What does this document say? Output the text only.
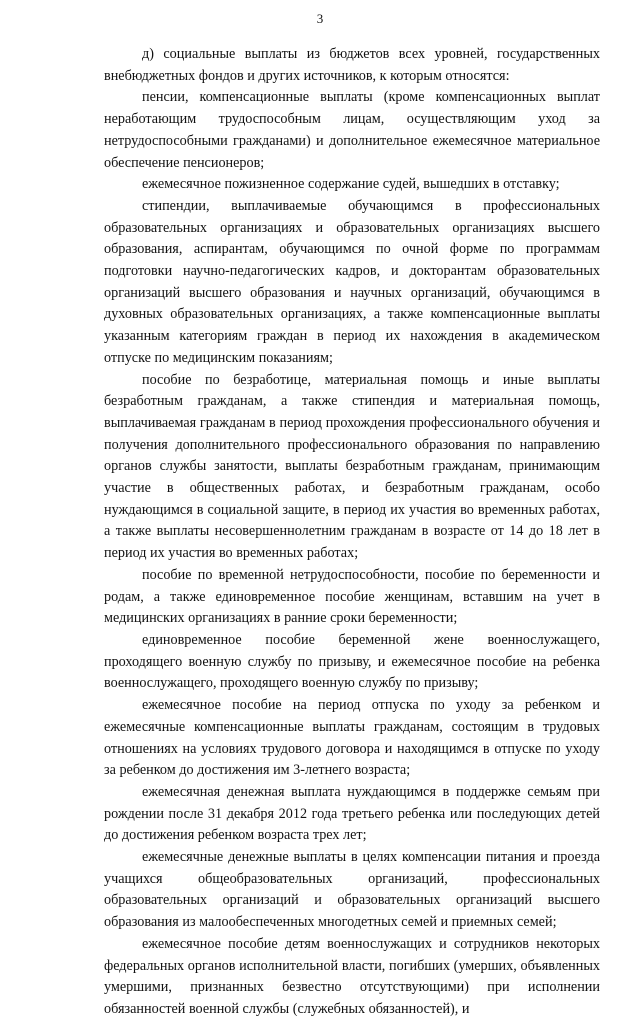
3

д) социальные выплаты из бюджетов всех уровней, государственных внебюджетных фондов и других источников, к которым относятся:

пенсии, компенсационные выплаты (кроме компенсационных выплат неработающим трудоспособным лицам, осуществляющим уход за нетрудоспособными гражданами) и дополнительное ежемесячное материальное обеспечение пенсионеров;

ежемесячное пожизненное содержание судей, вышедших в отставку;

стипендии, выплачиваемые обучающимся в профессиональных образовательных организациях и образовательных организациях высшего образования, аспирантам, обучающимся по очной форме по программам подготовки научно-педагогических кадров, и докторантам образовательных организаций высшего образования и научных организаций, обучающимся в духовных образовательных организациях, а также компенсационные выплаты указанным категориям граждан в период их нахождения в академическом отпуске по медицинским показаниям;

пособие по безработице, материальная помощь и иные выплаты безработным гражданам, а также стипендия и материальная помощь, выплачиваемая гражданам в период прохождения профессионального обучения и получения дополнительного профессионального образования по направлению органов службы занятости, выплаты безработным гражданам, принимающим участие в общественных работах, и безработным гражданам, особо нуждающимся в социальной защите, в период их участия во временных работах, а также выплаты несовершеннолетним гражданам в возрасте от 14 до 18 лет в период их участия во временных работах;

пособие по временной нетрудоспособности, пособие по беременности и родам, а также единовременное пособие женщинам, вставшим на учет в медицинских организациях в ранние сроки беременности;

единовременное пособие беременной жене военнослужащего, проходящего военную службу по призыву, и ежемесячное пособие на ребенка военнослужащего, проходящего военную службу по призыву;

ежемесячное пособие на период отпуска по уходу за ребенком и ежемесячные компенсационные выплаты гражданам, состоящим в трудовых отношениях на условиях трудового договора и находящимся в отпуске по уходу за ребенком до достижения им 3-летнего возраста;

ежемесячная денежная выплата нуждающимся в поддержке семьям при рождении после 31 декабря 2012 года третьего ребенка или последующих детей до достижения ребенком возраста трех лет;

ежемесячные денежные выплаты в целях компенсации питания и проезда учащихся общеобразовательных организаций, профессиональных образовательных организаций и образовательных организаций высшего образования из малообеспеченных многодетных семей и приемных семей;

ежемесячное пособие детям военнослужащих и сотрудников некоторых федеральных органов исполнительной власти, погибших (умерших, объявленных умершими, признанных безвестно отсутствующими) при исполнении обязанностей военной службы (служебных обязанностей), и
